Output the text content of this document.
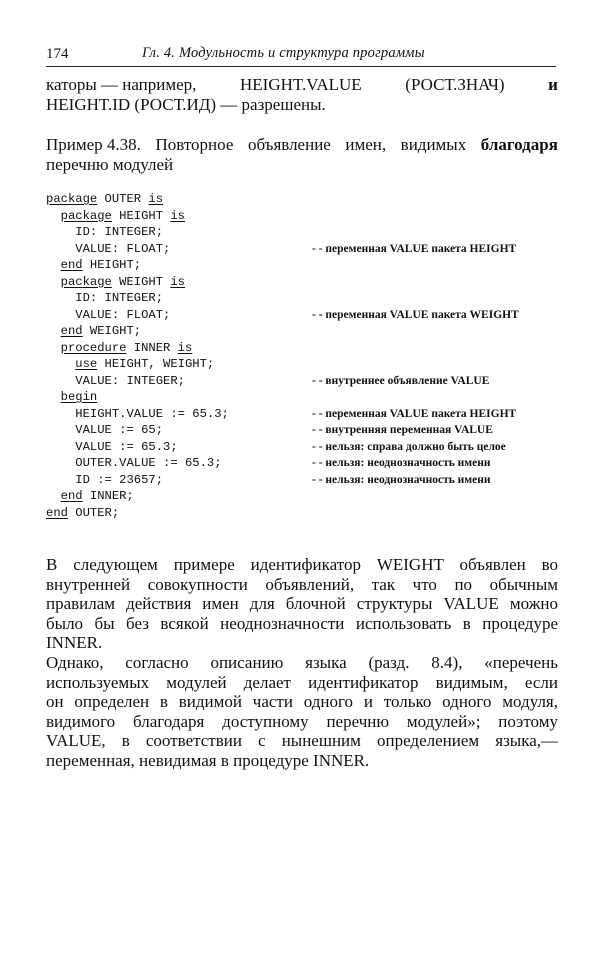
174	Гл. 4. Модульность и структура программы
каторы — например,	HEIGHT.VALUE	(РОСТ.ЗНАЧ)	и
HEIGHT.ID (РОСТ.ИД) — разрешены.
Пример 4.38. Повторное объявление имен, видимых благодаря
перечню модулей
package OUTER is
package HEIGHT is
ID: INTEGER;
VALUE: FLOAT;	- - переменная VALUE пакета HEIGHT
end HEIGHT;
package WEIGHT is
ID: INTEGER;
VALUE: FLOAT;	- - переменная VALUE пакета WEIGHT
end WEIGHT;
procedure INNER is
use HEIGHT, WEIGHT;
VALUE: INTEGER;	- - внутреннее объявление VALUE
begin
HEIGHT.VALUE := 65.3;	- - переменная VALUE пакета HEIGHT
VALUE := 65;	- - внутренняя переменная VALUE
VALUE := 65.3;	- - нельзя: справа должно быть целое
OUTER.VALUE := 65.3;	- - нельзя: неоднозначность имени
ID := 23657;	- - нельзя: неоднозначность имени
end INNER;
end OUTER;
В следующем примере идентификатор WEIGHT объявлен во
внутренней совокупности объявлений, так что по обычным
правилам действия имен для блочной структуры VALUE можно
было бы без всякой неоднозначности использовать в процедуре
INNER.
Однако, согласно описанию языка (разд. 8.4), «перечень
используемых модулей делает идентификатор видимым, если
он определен в видимой части одного и только одного модуля,
видимого благодаря доступному перечню модулей»; поэтому
VALUE, в соответствии с нынешним определением языка,—
переменная, невидимая в процедуре INNER.
